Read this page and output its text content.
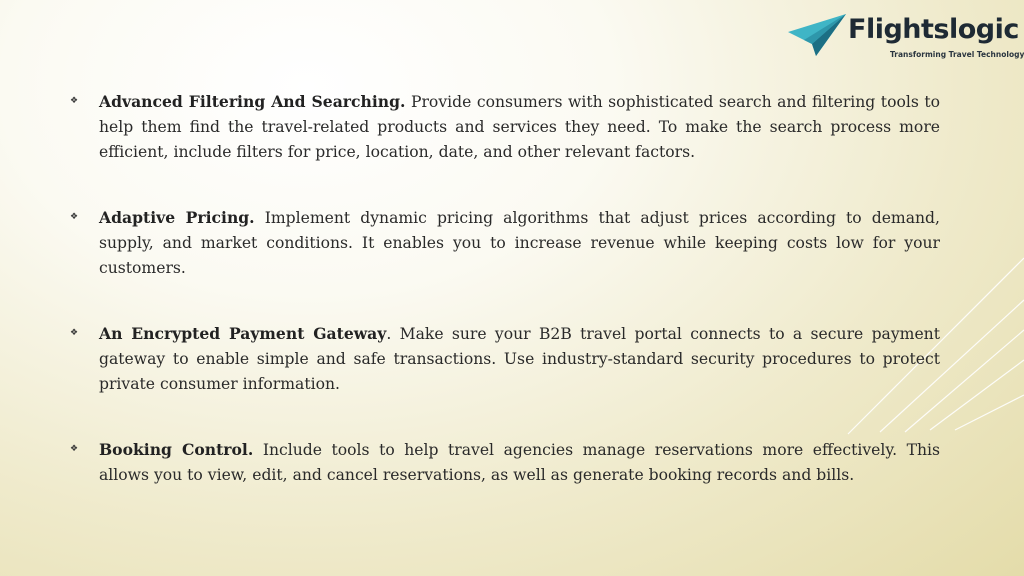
Flightslogic
Transforming Travel Technology
❖ Advanced Filtering And Searching. Provide consumers with sophisticated search and filtering tools to help them find the travel-related products and services they need. To make the search process more efficient, include filters for price, location, date, and other relevant factors.
❖ Adaptive Pricing. Implement dynamic pricing algorithms that adjust prices according to demand, supply, and market conditions. It enables you to increase revenue while keeping costs low for your customers.
❖ An Encrypted Payment Gateway. Make sure your B2B travel portal connects to a secure payment gateway to enable simple and safe transactions. Use industry-standard security procedures to protect private consumer information.
❖ Booking Control. Include tools to help travel agencies manage reservations more effectively. This allows you to view, edit, and cancel reservations, as well as generate booking records and bills.
